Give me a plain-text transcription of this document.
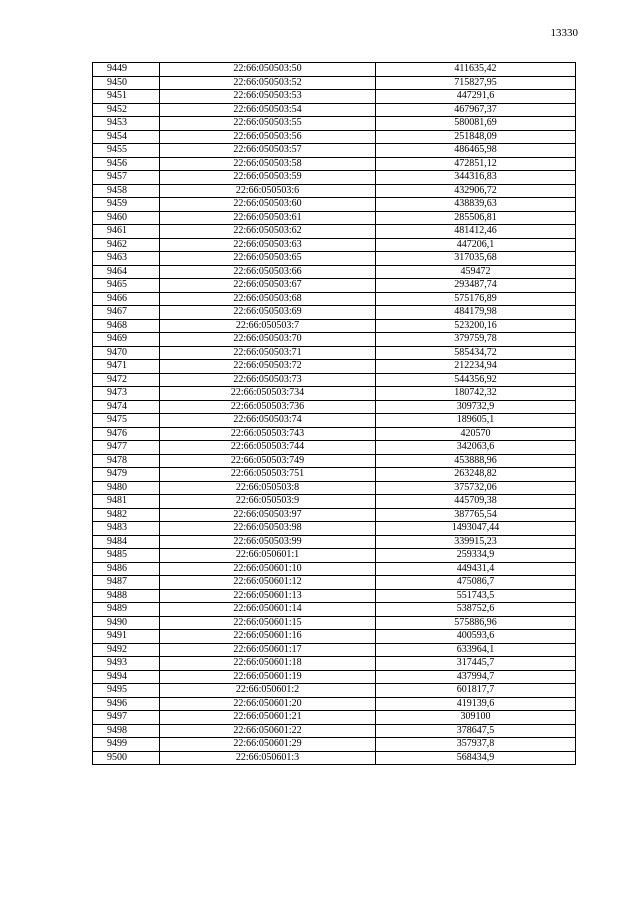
13330
9449	22:66:050503:50	411635,42
9450	22:66:050503:52	715827,95
9451	22:66:050503:53	447291,6
9452	22:66:050503:54	467967,37
9453	22:66:050503:55	580081,69
9454	22:66:050503:56	251848,09
9455	22:66:050503:57	486465,98
9456	22:66:050503:58	472851,12
9457	22:66:050503:59	344316,83
9458	22:66:050503:6	432906,72
9459	22:66:050503:60	438839,63
9460	22:66:050503:61	285506,81
9461	22:66:050503:62	481412,46
9462	22:66:050503:63	447206,1
9463	22:66:050503:65	317035,68
9464	22:66:050503:66	459472
9465	22:66:050503:67	293487,74
9466	22:66:050503:68	575176,89
9467	22:66:050503:69	484179,98
9468	22:66:050503:7	523200,16
9469	22:66:050503:70	379759,78
9470	22:66:050503:71	585434,72
9471	22:66:050503:72	212234,94
9472	22:66:050503:73	544356,92
9473	22:66:050503:734	180742,32
9474	22:66:050503:736	309732,9
9475	22:66:050503:74	189605,1
9476	22:66:050503:743	420570
9477	22:66:050503:744	342063,6
9478	22:66:050503:749	453888,96
9479	22:66:050503:751	263248,82
9480	22:66:050503:8	375732,06
9481	22:66:050503:9	445709,38
9482	22:66:050503:97	387765,54
9483	22:66:050503:98	1493047,44
9484	22:66:050503:99	339915,23
9485	22:66:050601:1	259334,9
9486	22:66:050601:10	449431,4
9487	22:66:050601:12	475086,7
9488	22:66:050601:13	551743,5
9489	22:66:050601:14	538752,6
9490	22:66:050601:15	575886,96
9491	22:66:050601:16	400593,6
9492	22:66:050601:17	633964,1
9493	22:66:050601:18	317445,7
9494	22:66:050601:19	437994,7
9495	22:66:050601:2	601817,7
9496	22:66:050601:20	419139,6
9497	22:66:050601:21	309100
9498	22:66:050601:22	378647,5
9499	22:66:050601:29	357937,8
9500	22:66:050601:3	568434,9
